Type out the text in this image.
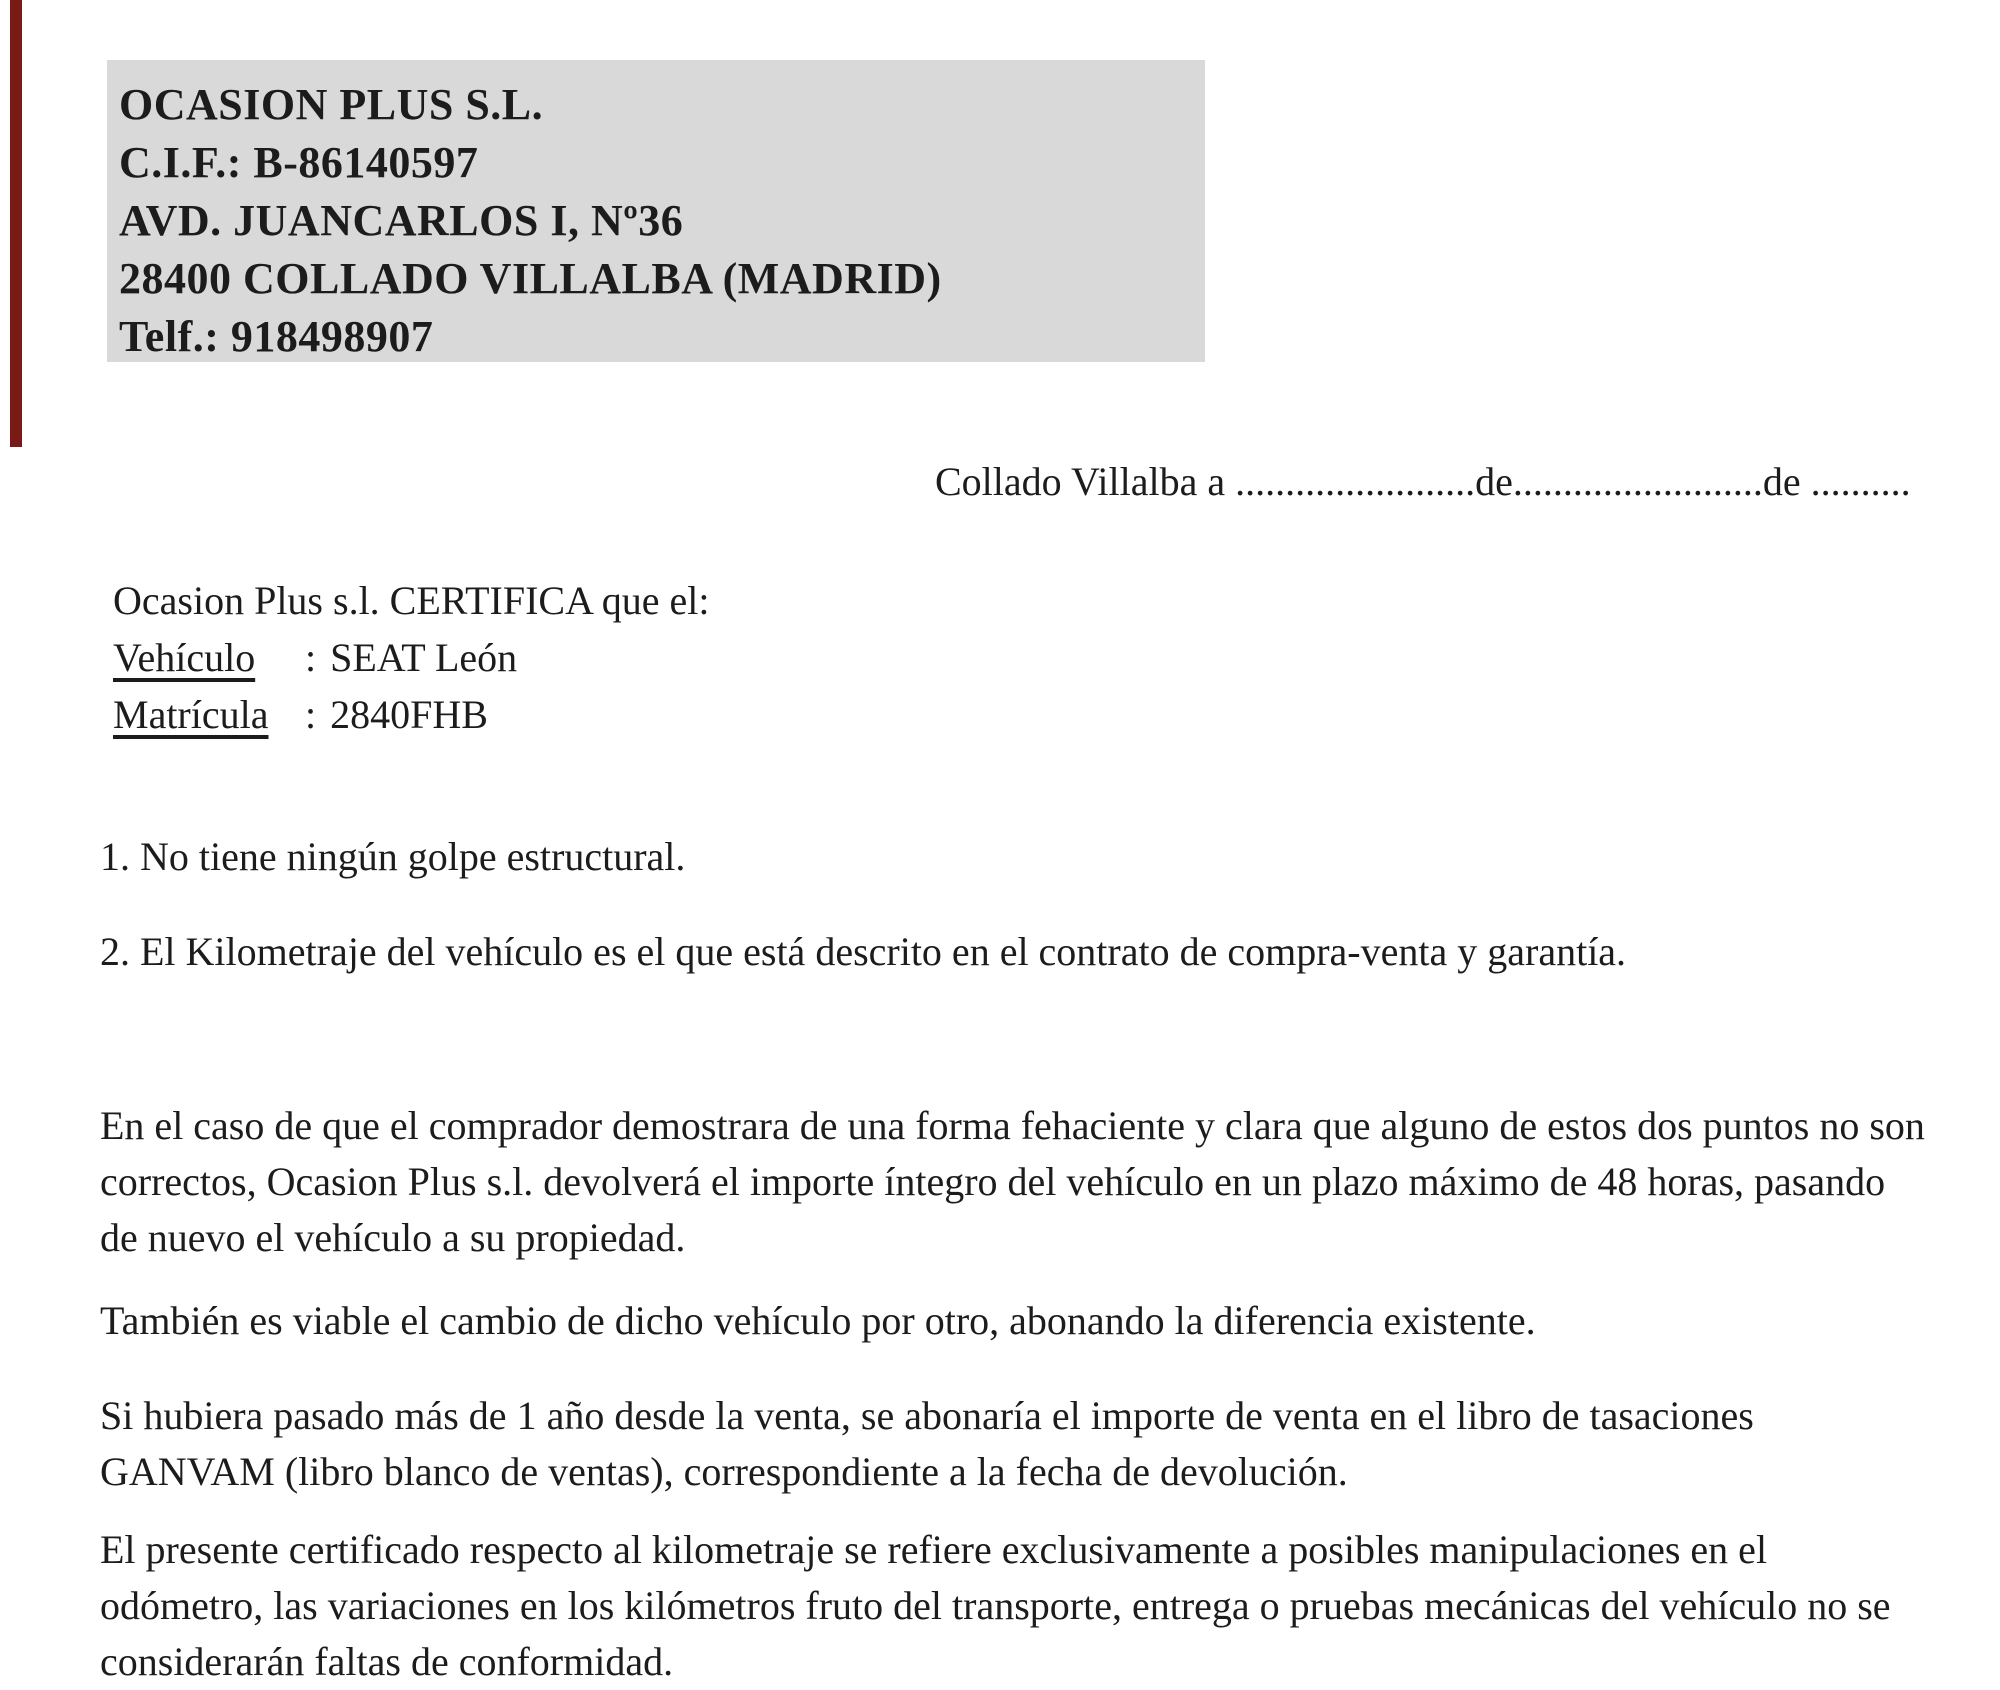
OCASION PLUS S.L.
C.I.F.: B-86140597
AVD. JUANCARLOS I, Nº36
28400 COLLADO VILLALBA (MADRID)
Telf.: 918498907
Collado Villalba a ........................de.........................de ..........
Ocasion Plus s.l. CERTIFICA que el:
Vehículo : SEAT León
Matrícula : 2840FHB
1. No tiene ningún golpe estructural.
2. El Kilometraje del vehículo es el que está descrito en el contrato de compra-venta y garantía.
En el caso de que el comprador demostrara de una forma fehaciente y clara que alguno de estos dos puntos no son correctos, Ocasion Plus s.l. devolverá el importe íntegro del vehículo en un plazo máximo de 48 horas, pasando de nuevo el vehículo a su propiedad.
También es viable el cambio de dicho vehículo por otro, abonando la diferencia existente.
Si hubiera pasado más de 1 año desde la venta, se abonaría el importe de venta en el libro de tasaciones GANVAM (libro blanco de ventas), correspondiente a la fecha de devolución.
El presente certificado respecto al kilometraje se refiere exclusivamente a posibles manipulaciones en el odómetro, las variaciones en los kilómetros fruto del transporte, entrega o pruebas mecánicas del vehículo no se considerarán faltas de conformidad.
